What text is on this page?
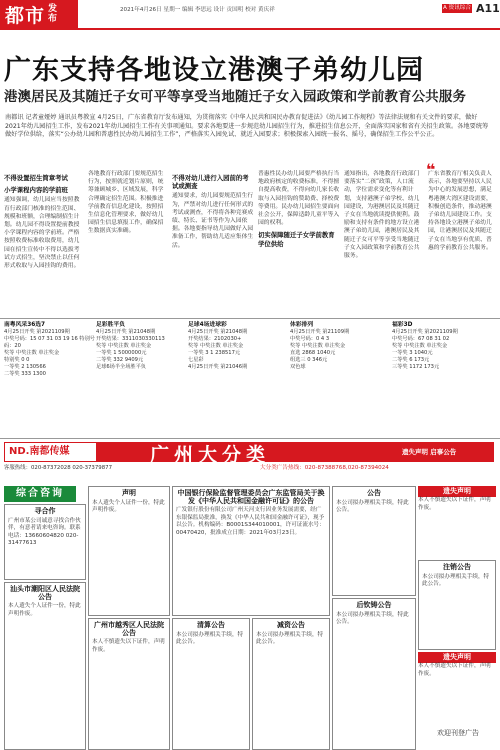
都市 发布
2021年4月26日 星期一 编辑 李思远 设计 贡国明 校对 黄庆祥	A 资讯综合 A11
广东支持各地设立港澳子弟幼儿园
港澳居民及其随迁子女可平等享受当地随迁子女入园政策和学前教育公共服务
南都讯 记者童娅婷 通讯员粤教宣 4月25日，广东省教育厅发布通知，为贯彻落实《中华人民共和国民办教育促进法》《幼儿园工作规程》等法律法规和有关文件的要求，做好2021年幼儿园招生工作，发布2021年幼儿园招生工作有关事项通知。要求各地要进一步规范幼儿园招生行为，推进招生信息公开，全面落实国家和省有关招生政策。各地要统筹做好学位供给，落实“公办幼儿园和普惠性民办幼儿园招生工作”，严格落实入园免试、就近入园要求；积极探索入园统一报名、摇号，确保招生工作公平公正。
不得设置招生简章考试
小学课程内容的学前班
通知强调，幼儿园应当按照教育行政部门核准的招生范围、规模和班额，合理编制招生计划。幼儿园不得设置提前教授小学课程内容的学前班。严格按照收费标准收取费用，幼儿园在招生宣传中不得以选拔考试方式招生，坚决禁止以任何形式收取与入园挂钩的费用。
各地教育行政部门要规范招生行为，按照就近划片原则，统筹兼顾城乡、区域发展，科学合理确定招生范围。积极推进学前教育信息化建设，按照招生信息化管理要求，做好幼儿园招生信息填报工作，确保招生数据真实准确。
不得对幼儿进行入园前的考试或测查
通知要求，幼儿园要规范招生行为，严禁对幼儿进行任何形式的考试或测查，不得将各种竞赛成绩、特长、证书等作为入园依据。各地要指导幼儿园做好入园准备工作，帮助幼儿适应集体生活。
普惠性民办幼儿园要严格执行当地政府核定的收费标准，不得擅自提高收费，不得向幼儿家长收取与入园挂钩的赞助费、择校费等费用。民办幼儿园招生要面向社会公开，保障适龄儿童平等入园的权利。
切实保障随迁子女学前教育学位供给
通知指出，各地教育行政部门要落实“二孩”政策，人口流动，学位需求变化等有利计划，支持港澳子弟学校、幼儿园建设，为港澳居民及其随迁子女在当地就读提供便利。鼓励和支持有条件的地方设立港澳子弟幼儿园，港澳居民及其随迁子女可平等享受当地随迁子女入园政策和学前教育公共服务。
❝
广东省教育厅相关负责人表示，各地要坚持以人民为中心的发展思想，满足粤港澳大湾区建设需要，积极创造条件，推动港澳子弟幼儿园建设工作。支持各地设立港澳子弟幼儿园，让港澳居民及其随迁子女在当地享有优质、普惠的学前教育公共服务。
南粤风采36选7
4月25日开奖 第2021109期
中奖号码：15 07 31 03 19 16 特别号码：20
奖等 中奖注数 单注奖金
特别奖 0 0
一等奖 2 130566
二等奖 333 1300
足彩胜平负
4月25日开奖 第21048期
开奖结果：3311030330113
奖等 中奖注数 单注奖金
一等奖 1 5000000元
二等奖 332 9409元
足球6场半全场胜平负
足球4场进球彩
4月25日开奖 第21048期
开奖结果：2102030+
奖等 中奖注数 单注奖金
一等奖 3 1 238517元
七星彩
4月25日开奖 第21046期
体彩排列
4月25日开奖 第21109期
中奖号码：0 4 3
奖等 中奖注数 单注奖金
直选 2868 1040元
组选三 0 346元
双色球
福彩3D
4月25日开奖 第2021109期
中奖号码：67 08 31 02
奖等 中奖注数 单注奖金
一等奖 3 1040元
二等奖 6 173元
三等奖 1172 173元
ND.南都传媒	广州大分类	遗失声明 启事公告
客服热线：020-87372028 020-37379877	大分类广告热线：020-87388768,020-87394024
综合咨询
寻合作
广州市某公司诚意寻找合作伙伴，有意者请来电咨询。联系电话：13660604820 020-31477613
汕头市潮阳区人民法院公告
本人遗失个人证件一份，特此声明作废。
声明
本人遗失个人证件一份，特此声明作废。
广州市越秀区人民法院公告
本人不慎遗失以下证件，声明作废。
中国银行保险监督管理委员会广东监管局关于换发《中华人民共和国金融许可证》的公告
广发银行股份有限公司广州天河支行因业务发展需要，经广东银保监局批准，换发《中华人民共和国金融许可证》，现予以公告。机构编码：B0001S344010001，许可证流水号：00470420，批准成立日期：2021年03月23日。
清算公告
本公司拟办理相关手续，特此公告。
减资公告
本公司拟办理相关手续，特此公告。
公告
本公司拟办理相关手续，特此公告。
后钦铸公告
本公司拟办理相关手续，特此公告。
遗失声明
本人不慎遗失以下证件，声明作废。
注销公告
本公司拟办理相关手续，特此公告。
遗失声明
本人不慎遗失以下证件，声明作废。
欢迎刊登广告
